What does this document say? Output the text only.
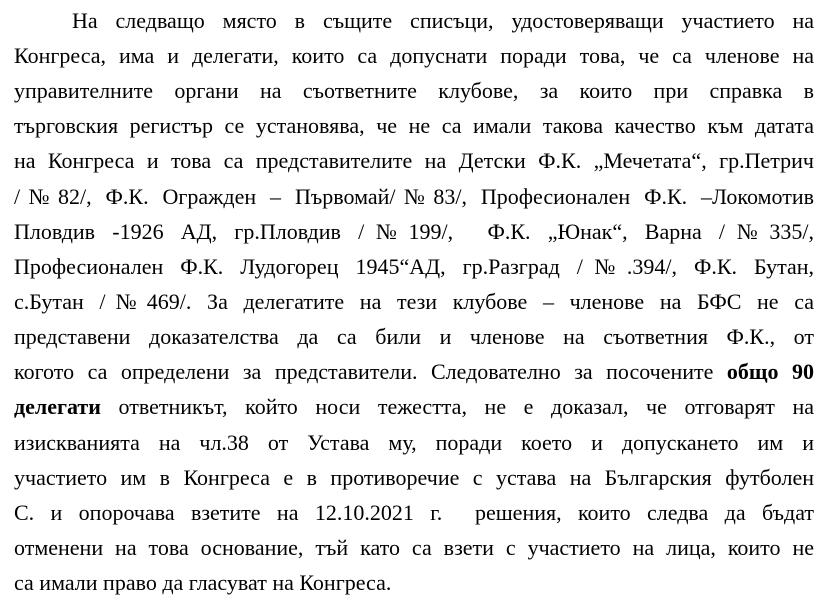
На следващо място в същите списъци, удостоверяващи участието на
Конгреса, има и делегати, които са допуснати поради това, че са членове на
управителните органи на съответните клубове, за които при справка в
търговския регистър се установява, че не са имали такова качество към датата
на Конгреса и това са представителите на Детски Ф.К. „Мечетата“, гр.Петрич
/№82/, Ф.К. Огражден – Първомай/№83/, Професионален Ф.К. –Локомотив
Пловдив -1926 АД, гр.Пловдив /№199/,  Ф.К. „Юнак“, Варна /№335/,
Професионален Ф.К. Лудогорец 1945“АД, гр.Разград /№.394/, Ф.К. Бутан,
с.Бутан /№469/. За делегатите на тези клубове – членове на БФС не са
представени доказателства да са били и членове на съответния Ф.К., от
когото са определени за представители. Следователно за посочените общо 90
делегати ответникът, който носи тежестта, не е доказал, че отговарят на
изискванията на чл.38 от Устава му, поради което и допускането им и
участието им в Конгреса е в противоречие с устава на Българския футболен
С. и опорочава взетите на 12.10.2021 г.  решения, които следва да бъдат
отменени на това основание, тъй като са взети с участието на лица, които не
са имали право да гласуват на Конгреса.
